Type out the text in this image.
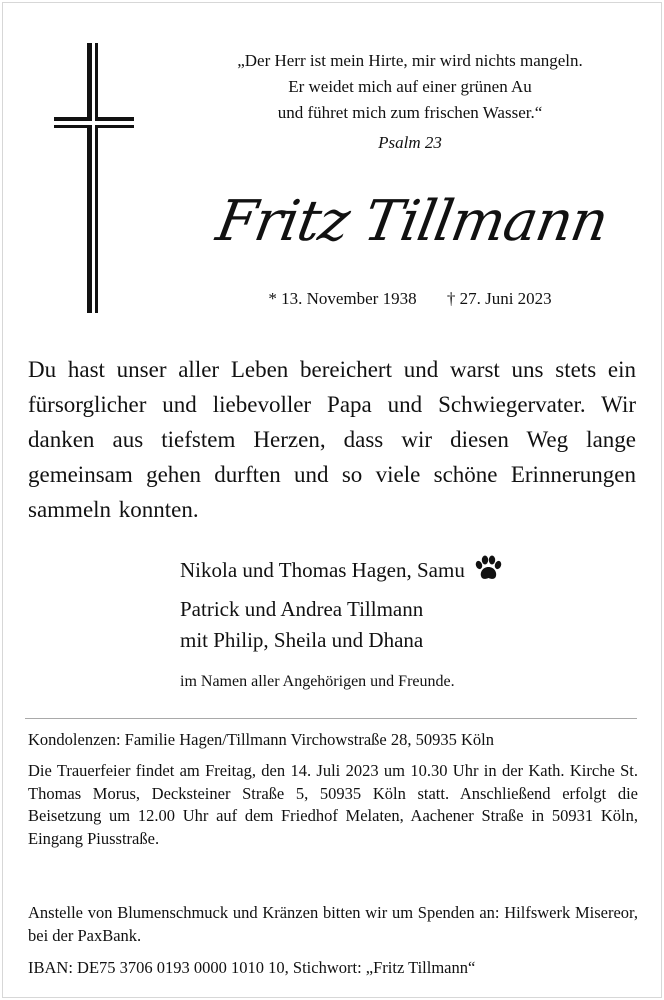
„Der Herr ist mein Hirte, mir wird nichts mangeln.
Er weidet mich auf einer grünen Au
und führet mich zum frischen Wasser.“
Psalm 23
Fritz Tillmann
* 13. November 1938 † 27. Juni 2023
Du hast unser aller Leben bereichert und warst uns stets ein fürsorglicher und liebevoller Papa und Schwiegervater. Wir danken aus tiefstem Herzen, dass wir diesen Weg lange gemeinsam gehen durften und so viele schöne Erinnerungen sammeln konnten.
Nikola und Thomas Hagen, Samu
Patrick und Andrea Tillmann
mit Philip, Sheila und Dhana
im Namen aller Angehörigen und Freunde.
Kondolenzen: Familie Hagen/Tillmann Virchowstraße 28, 50935 Köln
Die Trauerfeier findet am Freitag, den 14. Juli 2023 um 10.30 Uhr in der Kath. Kirche St. Thomas Morus, Decksteiner Straße 5, 50935 Köln statt. Anschließend erfolgt die Beisetzung um 12.00 Uhr auf dem Friedhof Melaten, Aachener Straße in 50931 Köln, Eingang Piusstraße.
Anstelle von Blumenschmuck und Kränzen bitten wir um Spenden an: Hilfswerk Misereor, bei der PaxBank.
IBAN: DE75 3706 0193 0000 1010 10, Stichwort: „Fritz Tillmann“
